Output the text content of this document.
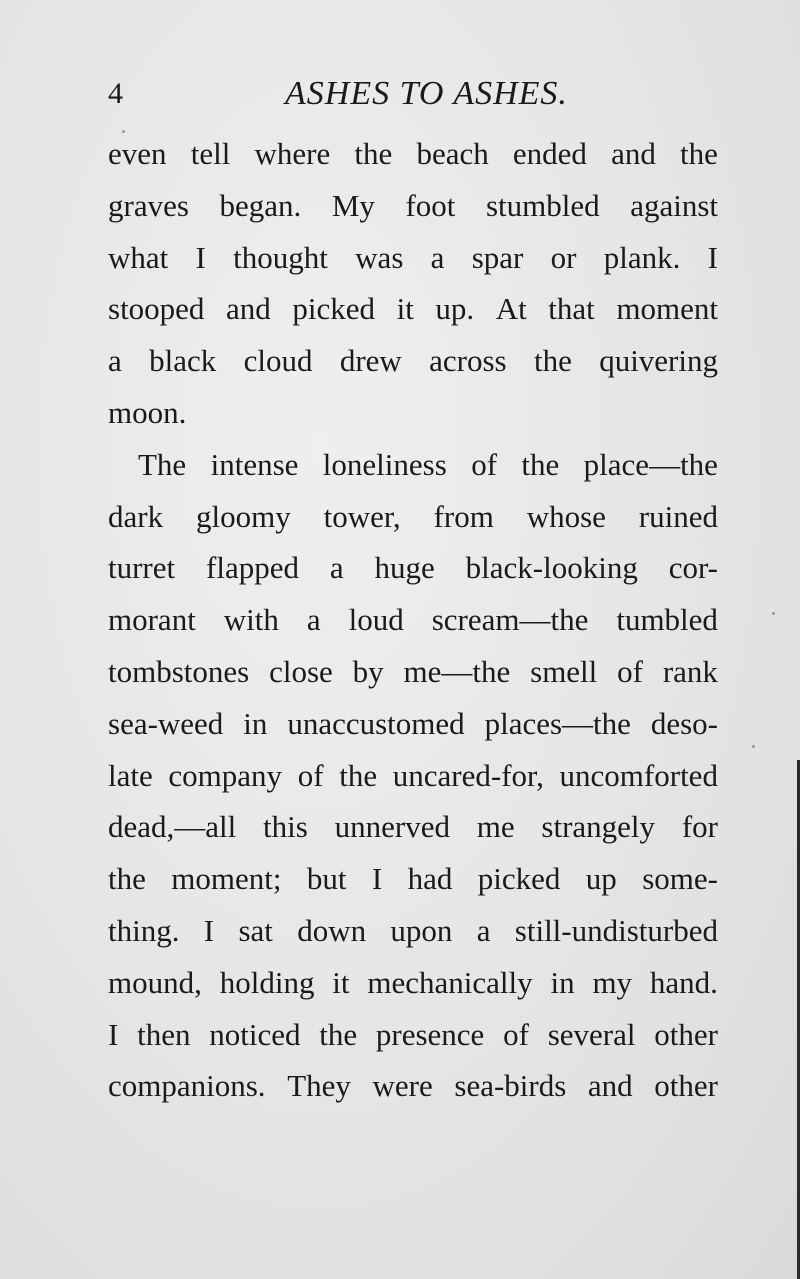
4	ASHES TO ASHES.
even tell where the beach ended and the
graves began. My foot stumbled against
what I thought was a spar or plank. I
stooped and picked it up. At that moment
a black cloud drew across the quivering
moon.
The intense loneliness of the place—the
dark gloomy tower, from whose ruined
turret flapped a huge black-looking cor-
morant with a loud scream—the tumbled
tombstones close by me—the smell of rank
sea-weed in unaccustomed places—the deso-
late company of the uncared-for, uncomforted
dead,—all this unnerved me strangely for
the moment; but I had picked up some-
thing. I sat down upon a still-undisturbed
mound, holding it mechanically in my hand.
I then noticed the presence of several other
companions. They were sea-birds and other
